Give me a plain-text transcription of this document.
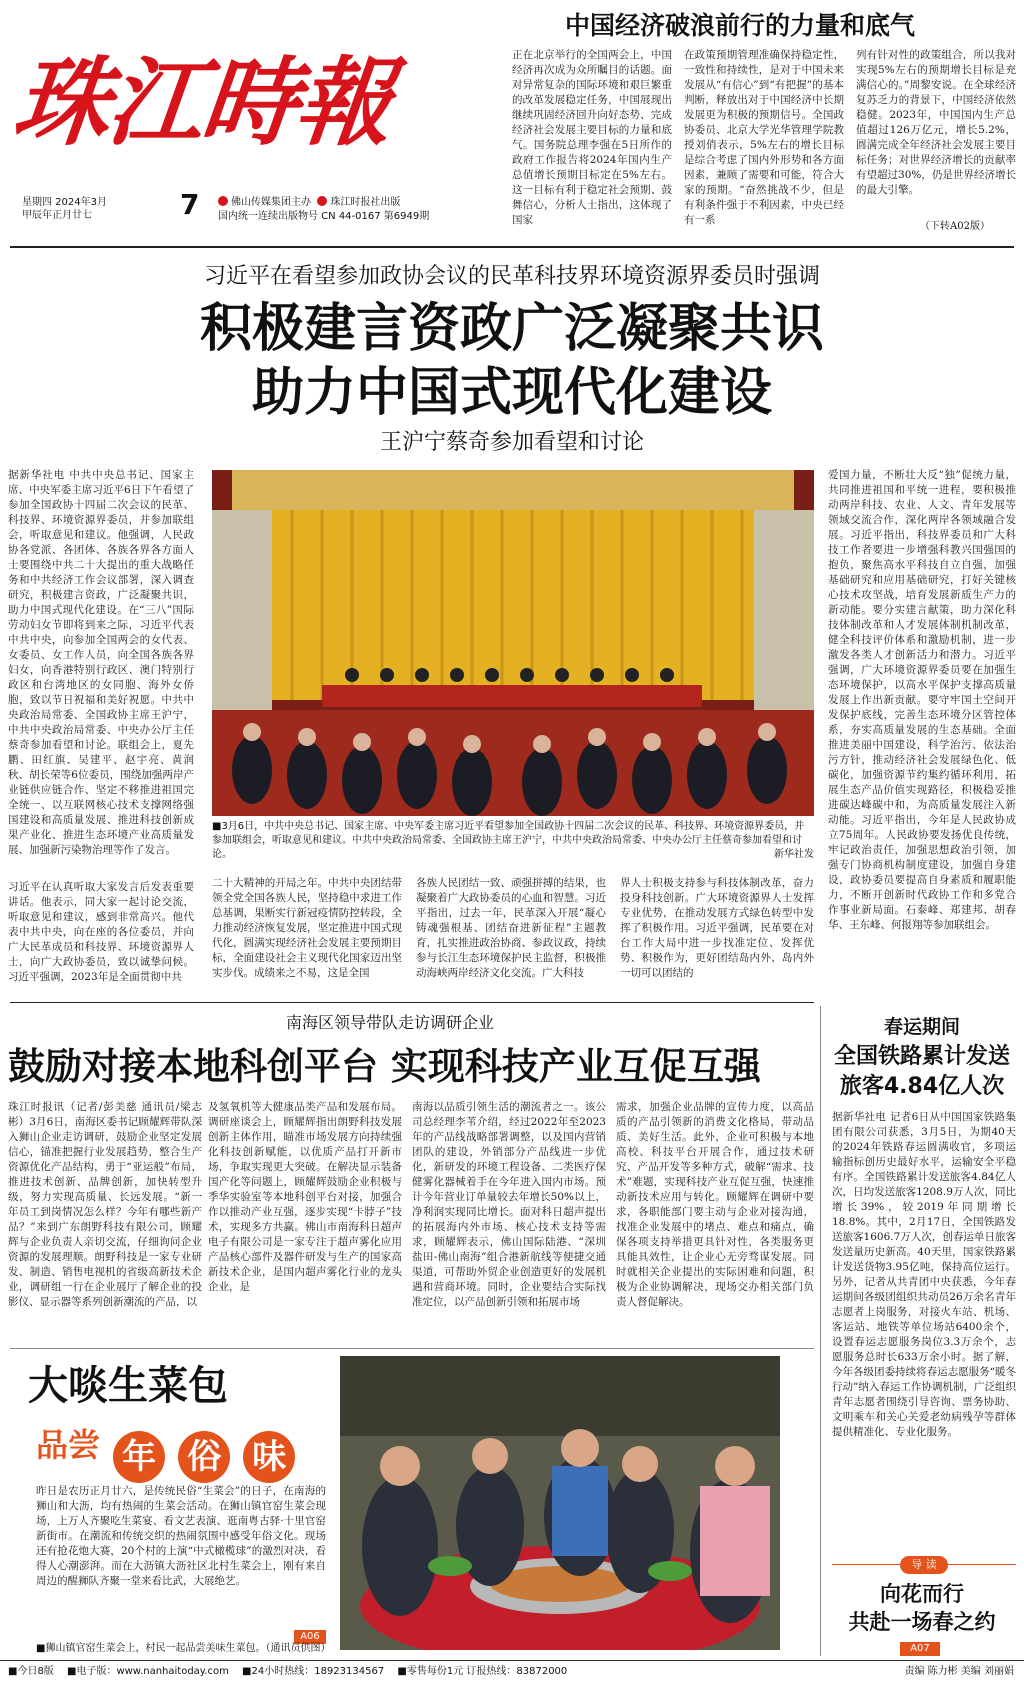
珠江時報
星期四 2024年3月
甲辰年正月廿七	7	佛山传媒集团主办 珠江时报社出版
国内统一连续出版物号 CN 44-0167 第6949期
中国经济破浪前行的力量和底气
正在北京举行的全国两会上，中国经济再次成为众所瞩目的话题。面对异常复杂的国际环境和艰巨繁重的改革发展稳定任务，中国展现出继续巩固经济回升向好态势、完成经济社会发展主要目标的力量和底气。国务院总理李强在5日所作的政府工作报告将2024年国内生产总值增长预期目标定在5%左右。这一目标有利于稳定社会预期、鼓舞信心，分析人士指出，这体现了国家
在政策预期管理准确保持稳定性，一致性和持续性，是对于中国未来发展从“有信心”到“有把握”的基本判断，释放出对于中国经济中长期发展更为积极的预期信号。全国政协委员、北京大学光华管理学院教授刘俏表示，5%左右的增长目标是综合考虑了国内外形势和各方面因素，兼顾了需要和可能，符合大家的预期。“奋然挑战不少，但是有利条件强于不利因素，中央已经有一系
列有针对性的政策组合，所以我对实现5%左右的预期增长目标是充满信心的。”周黎安说。在全球经济复苏乏力的背景下，中国经济依然稳健。2023年，中国国内生产总值超过126万亿元，增长5.2%，圆满完成全年经济社会发展主要目标任务；对世界经济增长的贡献率有望超过30%，仍是世界经济增长的最大引擎。
（下转A02版）
习近平在看望参加政协会议的民革科技界环境资源界委员时强调
积极建言资政广泛凝聚共识
助力中国式现代化建设
王沪宁蔡奇参加看望和讨论
据新华社电 中共中央总书记、国家主席、中央军委主席习近平6日下午看望了参加全国政协十四届二次会议的民革、科技界、环境资源界委员，并参加联组会，听取意见和建议。他强调，人民政协各党派、各团体、各族各界各方面人士要围绕中共二十大提出的重大战略任务和中共经济工作会议部署，深入调查研究，积极建言资政，广泛凝聚共识，助力中国式现代化建设。在“三八”国际劳动妇女节即将到来之际，习近平代表中共中央，向参加全国两会的女代表、女委员、女工作人员，向全国各族各界妇女，向香港特别行政区、澳门特别行政区和台湾地区的女同胞、海外女侨胞，致以节日祝福和美好祝愿。中共中央政治局常委、全国政协主席王沪宁，中共中央政治局常委、中央办公厅主任蔡奇参加看望和讨论。联组会上，夏先鹏、田红旗、吴建平、赵宇亮、黄润秋、胡长荣等6位委员，围绕加强两岸产业链供应链合作、坚定不移推进祖国完全统一、以互联网核心技术支撑网络强国建设和高质量发展、推进科技创新成果产业化、推进生态环境产业高质量发展、加强新污染物治理等作了发言。
习近平在认真听取大家发言后发表重要讲话。他表示，同大家一起讨论交流，听取意见和建议，感到非常高兴。他代表中共中央，向在座的各位委员，并向广大民革成员和科技界、环境资源界人士，向广大政协委员，致以诚挚问候。习近平强调，2023年是全面贯彻中共
■3月6日，中共中央总书记、国家主席、中央军委主席习近平看望参加全国政协十四届二次会议的民革、科技界、环境资源界委员，并参加联组会，听取意见和建议。中共中央政治局常委、全国政协主席王沪宁，中共中央政治局常委、中央办公厅主任蔡奇参加看望和讨论。	新华社发
二十大精神的开局之年。中共中央团结带领全党全国各族人民，坚持稳中求进工作总基调，果断实行新冠疫情防控转段，全力推动经济恢复发展，坚定推进中国式现代化，圆满实现经济社会发展主要预期目标，全面建设社会主义现代化国家迈出坚实步伐。成绩来之不易，这是全国
各族人民团结一致、顽强拼搏的结果，也凝聚着广大政协委员的心血和智慧。习近平指出，过去一年，民革深入开展“凝心铸魂强根基、团结奋进新征程”主题教育，扎实推进政治协商、参政议政，持续参与长江生态环境保护民主监督，积极推动海峡两岸经济文化交流。广大科技
界人士积极支持参与科技体制改革，奋力投身科技创新。广大环境资源界人士发挥专业优势，在推动发展方式绿色转型中发挥了积极作用。习近平强调，民革要在对台工作大局中进一步找准定位、发挥优势、积极作为，更好团结岛内外、岛内外一切可以团结的
爱国力量，不断壮大反“独”促统力量，共同推进祖国和平统一进程，要积极推动两岸科技、农业、人文、青年发展等领域交流合作，深化两岸各领域融合发展。习近平指出，科技界委员和广大科技工作者要进一步增强科教兴国强国的抱负，聚焦高水平科技自立自强，加强基础研究和应用基础研究，打好关键核心技术攻坚战，培育发展新质生产力的新动能。要分实建言献策，助力深化科技体制改革和人才发展体制机制改革，健全科技评价体系和激励机制，进一步激发各类人才创新活力和潜力。习近平强调，广大环境资源界委员要在加强生态环境保护，以高水平保护支撑高质量发展上作出新贡献。要守牢国土空间开发保护底线，完善生态环境分区管控体系，夯实高质量发展的生态基础。全面推进美丽中国建设，科学治污、依法治污方针，推动经济社会发展绿色化、低碳化，加强资源节约集约循环利用，拓展生态产品价值实现路径，积极稳妥推进碳达峰碳中和，为高质量发展注入新动能。习近平指出，今年是人民政协成立75周年。人民政协要发扬优良传统，牢记政治责任，加强思想政治引领，加强专门协商机构制度建设，加强自身建设，政协委员要提高自身素质和履职能力，不断开创新时代政协工作和多党合作事业新局面。石泰峰、郑建邦、胡春华、王东峰、何报翔等参加联组会。
南海区领导带队走访调研企业
鼓励对接本地科创平台 实现科技产业互促互强
珠江时报讯（记者/彭美慈 通讯员/梁志彬）3月6日，南海区委书记顾耀辉带队深入狮山企业走访调研，鼓励企业坚定发展信心，锚准把握行业发展趋势，整合生产资源优化产品结构，勇于“亚运般”布局，推进技术创新、品牌创新，加快转型升级，努力实现高质量、长远发展。“新一年员工到岗情况怎么样？今年有哪些新产品？”来到广东朗野科技有限公司，顾耀辉与企业负责人亲切交流，仔细询问企业资源的发展理顺。朗野科技是一家专业研发、制造、销售电视机的省级高新技术企业，调研组一行在企业展厅了解企业的投影仪、显示器等系列创新潮流的产品，以
及氢氧机等大健康品类产品和发展布局。调研座谈会上，顾耀辉指出朗野科技发展创新主体作用，瞄准市场发展方向持续强化科技创新赋能，以优质产品打开新市场，争取实现更大突破。在解决显示装备国产化等问题上，顾耀辉鼓励企业积极与季华实验室等本地科创平台对接，加强合作以推动产业互强，逐步实现“卡脖子”技术，实现多方共赢。佛山市南海科日超声电子有限公司是一家专注于超声雾化应用产品核心部件及器件研发与生产的国家高新技术企业，是国内超声雾化行业的龙头企业，是
南海以品质引领生活的潮流者之一。该公司总经理李苇介绍，经过2022年至2023年的产品线战略部署调整，以及国内营销团队的建设，外销部分产品线进一步优化，新研发的环境工程设备、二类医疗保健雾化器械着手在今年进入国内市场。预计今年营业订单量较去年增长50%以上，净利润实现同比增长。面对科日超声提出的拓展海内外市场、核心技术支持等需求，顾耀辉表示，佛山国际陆港、“深圳盐田-佛山南海”组合港新航线等便捷交通渠道，可帮助外贸企业创造更好的发展机遇和营商环境。同时，企业要结合实际找准定位，以产品创新引领和拓展市场
需求，加强企业品牌的宣传力度，以高品质的产品引领新的消费文化格局，带动品质、美好生活。此外，企业可积极与本地高校、科技平台开展合作，通过技术研究、产品开发等多种方式，破解“需求、技术”难题，实现科技产业互促互强，快速推动新技术应用与转化。顾耀辉在调研中要求，各职能部门要主动与企业对接沟通，找准企业发展中的堵点、难点和痛点，确保各项支持举措更具针对性，各类服务更具能具效性，让企业心无旁骛谋发展。同时就相关企业提出的实际困难和问题，积极为企业协调解决，现场交办相关部门负责人督促解决。
大啖生菜包
品尝 年 俗 味
昨日是农历正月廿六，是传统民俗“生菜会”的日子，在南海的狮山和大沥，均有热闹的生菜会活动。在狮山镇官窑生菜会现场，上万人齐聚吃生菜宴、看文艺表演、逛南粤古驿·十里官窑新街市。在潮流和传统交织的热闹氛围中感受年俗文化。现场还有抢花炮大赛，20个村的上演“中式橄榄球”的激烈对决，看得人心潮澎湃。而在大沥镇大沥社区北村生菜会上，刚有来自周边的醒狮队齐聚一堂来看比武，大展绝艺。
A06
■狮山镇官窑生菜会上，村民一起品尝美味生菜包。（通讯员供图）
春运期间
全国铁路累计发送
旅客4.84亿人次
据新华社电 记者6日从中国国家铁路集团有限公司获悉，3月5日，为期40天的2024年铁路春运圆满收官，多项运输指标创历史最好水平，运输安全平稳有序。全国铁路累计发送旅客4.84亿人次，日均发送旅客1208.9万人次，同比增长39%，较2019年同期增长18.8%。其中，2月17日，全国铁路发送旅客1606.7万人次，创春运单日旅客发送量历史新高。40天里，国家铁路累计发送货物3.95亿吨，保持高位运行。另外，记者从共青团中央获悉，今年春运期间各级团组织共动员26万余名青年志愿者上岗服务，对接火车站、机场、客运站、地铁等单位场站6400余个，设置春运志愿服务岗位3.3万余个，志愿服务总时长633万余小时。据了解，今年各级团委持续将春运志愿服务“暖冬行动”纳入春运工作协调机制，广泛组织青年志愿者围绕引导咨询、票务协助、文明乘车和关心关爱老幼病残孕等群体提供精准化、专业化服务。
导 读
向花而行
共赴一场春之约
A07
■今日8版 ■电子版：www.nanhaitoday.com ■24小时热线：18923134567 ■零售每份1元 订报热线：83872000	责编 陈力彬 美编 刘丽娟
